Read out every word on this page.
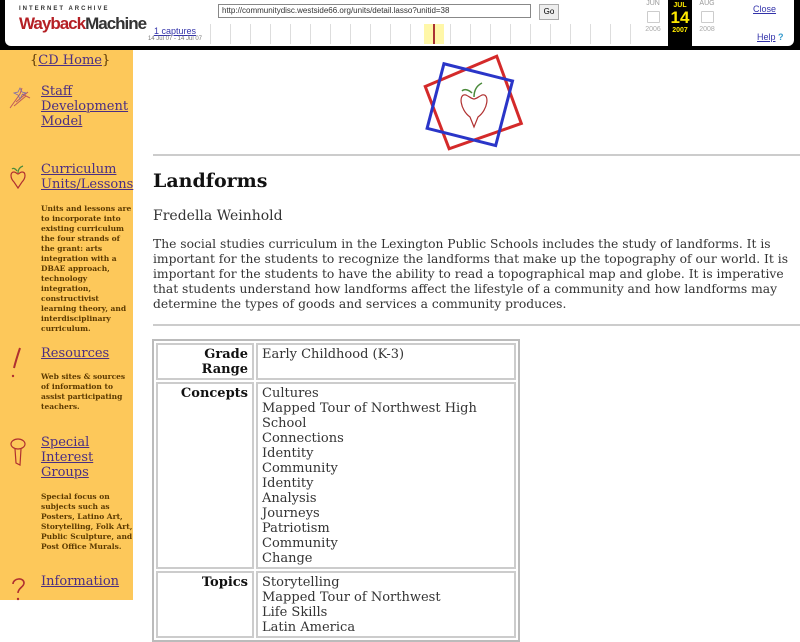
INTERNET ARCHIVE
WaybackMachine
http://communitydisc.westside66.org/units/detail.lasso?unitid=38	Go
1 captures
14 Jul 07 - 14 Jul 07
JUN
2006
JUL
14
2007
AUG
2008
Close
Help ?
{CD Home}
Staff Development Model
Curriculum Units/Lessons
Units and lessons are to incorporate into existing curriculum the four strands of the grant: arts integration with a DBAE approach, technology integration, constructivist learning theory, and interdisciplinary curriculum.
Resources
Web sites & sources of information to assist participating teachers.
Special Interest Groups
Special focus on subjects such as Posters, Latino Art, Storytelling, Folk Art, Public Sculpture, and Post Office Murals.
Information
Landforms
Fredella Weinhold

The social studies curriculum in the Lexington Public Schools includes the study of landforms. It is important for the students to recognize the landforms that make up the topography of our world. It is important for the students to have the ability to read a topographical map and globe. It is imperative that students understand how landforms affect the lifestyle of a community and how landforms may determine the types of goods and services a community produces.

Grade Range	Early Childhood (K-3)
Concepts	Cultures
Mapped Tour of Northwest High School
Connections
Identity
Community
Identity
Analysis
Journeys
Patriotism
Community
Change

Topics	Storytelling
Mapped Tour of Northwest
Life Skills
Latin America
